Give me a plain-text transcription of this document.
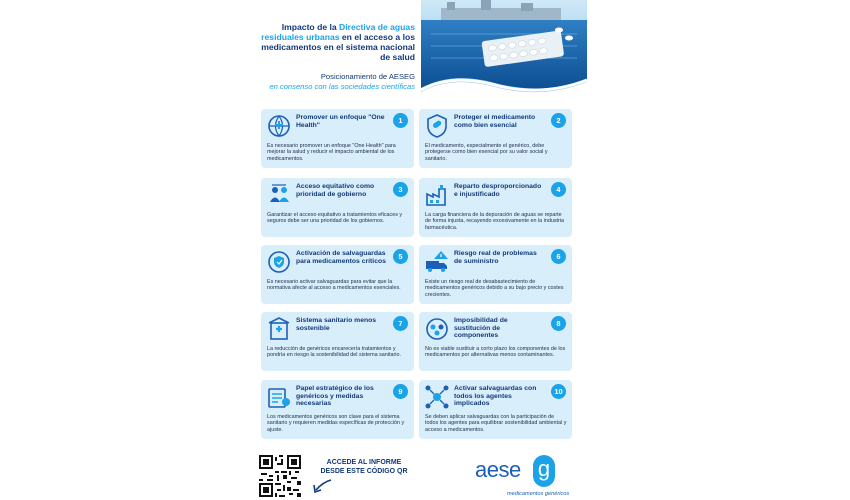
Impacto de la Directiva de aguas residuales urbanas en el acceso a los medicamentos en el sistema nacional de salud
Posicionamiento de AESEG
en consenso con las sociedades científicas
Promover un enfoque "One Health"
1
Es necesario promover un enfoque "One Health" para mejorar la salud y reducir el impacto ambiental de los medicamentos.
Proteger el medicamento como bien esencial
2
El medicamento, especialmente el genérico, debe protegerse como bien esencial por su valor social y sanitario.
Acceso equitativo como prioridad de gobierno
3
Garantizar el acceso equitativo a tratamientos eficaces y seguros debe ser una prioridad de los gobiernos.
Reparto desproporcionado e injustificado
4
La carga financiera de la depuración de aguas se reparte de forma injusta, recayendo excesivamente en la industria farmacéutica.
Activación de salvaguardas para medicamentos críticos
5
Es necesario activar salvaguardas para evitar que la normativa afecte al acceso a medicamentos esenciales.
Riesgo real de problemas de suministro
6
Existe un riesgo real de desabastecimiento de medicamentos genéricos debido a su bajo precio y costes crecientes.
Sistema sanitario menos sostenible
7
La reducción de genéricos encarecería tratamientos y pondría en riesgo la sostenibilidad del sistema sanitario.
Imposibilidad de sustitución de componentes
8
No es viable sustituir a corto plazo los componentes de los medicamentos por alternativas menos contaminantes.
Papel estratégico de los genéricos y medidas necesarias
9
Los medicamentos genéricos son clave para el sistema sanitario y requieren medidas específicas de protección y ajuste.
Activar salvaguardas con todos los agentes implicados
10
Se deben aplicar salvaguardas con la participación de todos los agentes para equilibrar sostenibilidad ambiental y acceso a medicamentos.
ACCEDE AL INFORME DESDE ESTE CÓDIGO QR	aese g
medicamentos genéricos
